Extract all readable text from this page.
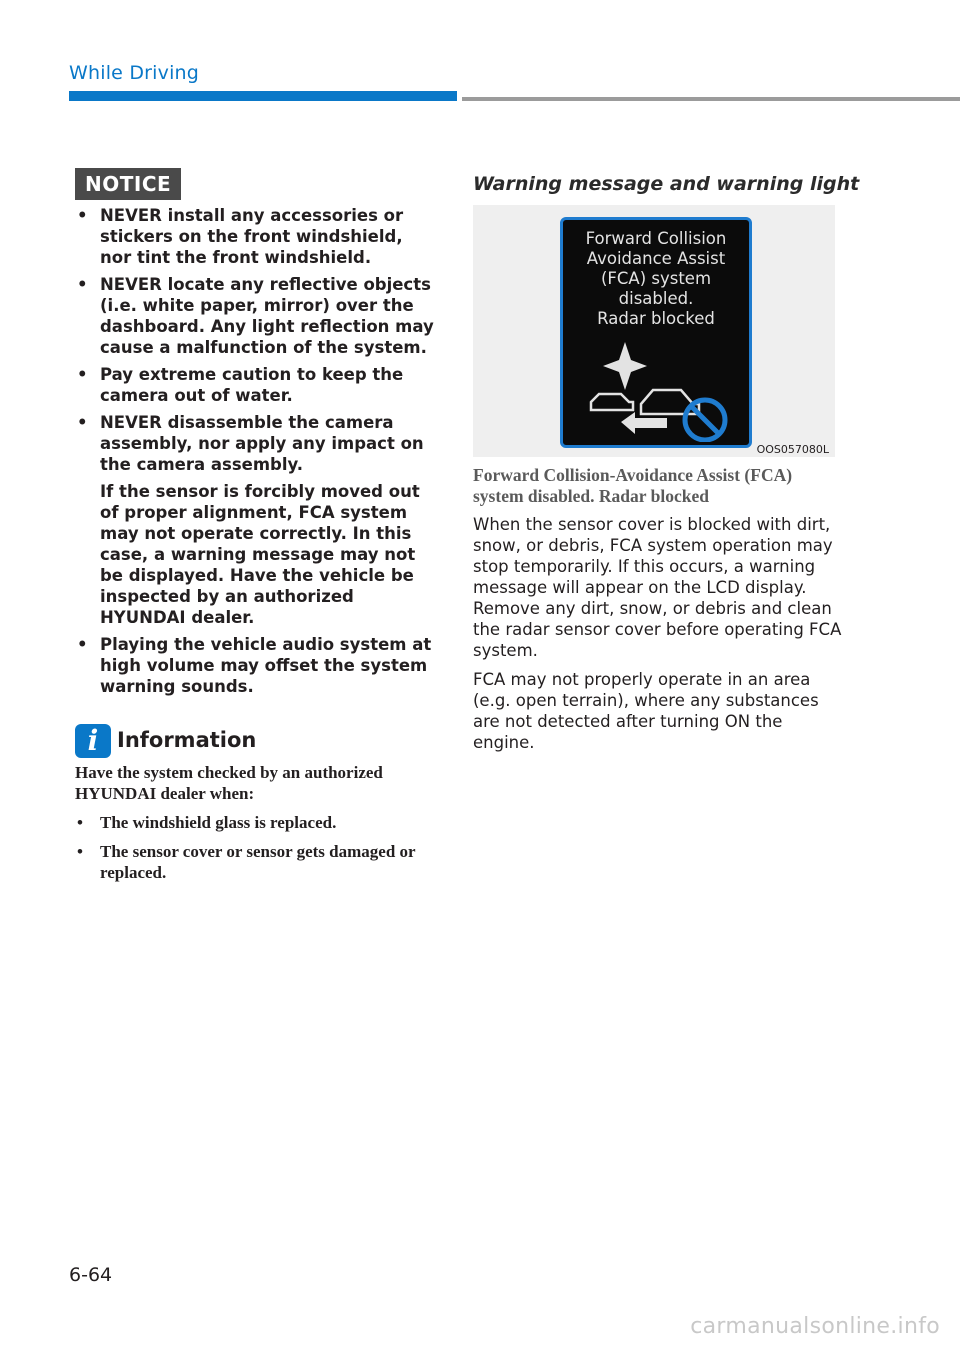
While Driving
NOTICE
• NEVER install any accessories or stickers on the front windshield, nor tint the front windshield.

• NEVER locate any reflective objects (i.e. white paper, mirror) over the dashboard. Any light reflection may cause a malfunction of the system.

• Pay extreme caution to keep the camera out of water.

• NEVER disassemble the camera assembly, nor apply any impact on the camera assembly.

If the sensor is forcibly moved out of proper alignment, FCA system may not operate correctly. In this case, a warning message may not be displayed. Have the vehicle be inspected by an authorized HYUNDAI dealer.

• Playing the vehicle audio system at high volume may offset the system warning sounds.

i Information

Have the system checked by an authorized HYUNDAI dealer when:

• The windshield glass is replaced.
• The sensor cover or sensor gets damaged or replaced.
Warning message and warning light
Forward Collision
Avoidance Assist
(FCA) system
disabled.
Radar blocked
OOS057080L
Forward Collision-Avoidance Assist (FCA) system disabled. Radar blocked

When the sensor cover is blocked with dirt, snow, or debris, FCA system operation may stop temporarily. If this occurs, a warning message will appear on the LCD display. Remove any dirt, snow, or debris and clean the radar sensor cover before operating FCA system.

FCA may not properly operate in an area (e.g. open terrain), where any substances are not detected after turning ON the engine.

6-64
carmanualsonline.info
